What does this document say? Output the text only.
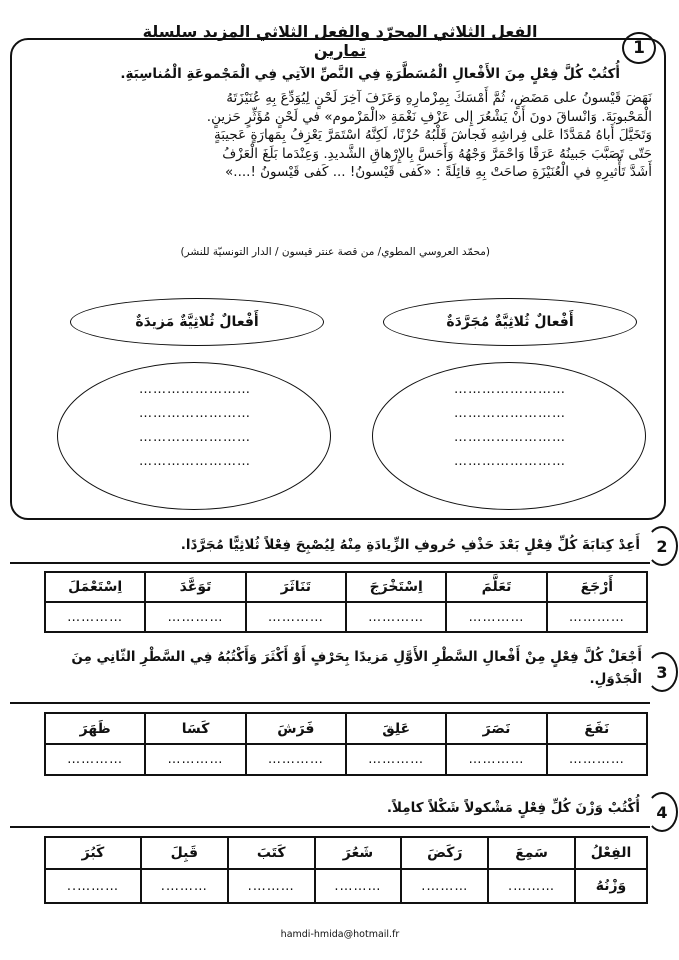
الفعل الثلاثي المجرّد والفعل الثلاثي المزيد سلسلة تمارين	1
أُكتُبْ كُلَّ فِعْلٍ مِنَ الأَفْعالِ الْمُسَطَّرَةِ فِي النَّصِّ الآتِي فِي الْمَجْموعَةِ الْمُناسِبَةِ.
نَهَضَ قَيْسونُ على مَضَضٍ، ثُمَّ أَمْسَكَ بِمِزْمارِهِ وَعَزَفَ آخِرَ لَحْنٍ لِيُوَدِّعَ بِهِ عُنَيْزَتَهُ
الْمَحْبوبَةَ. وَانْساقَ دونَ أَنْ يَشْعُرَ إِلى عَزْفِ نَغْمَةِ «الْمَزْموم» في لَحْنٍ مُؤَثِّرٍ حَزينٍ.
وَتَخَيَّلَ أَباهُ مُمَدَّدًا عَلى فِراشِهِ فَجاشَ قَلْبُهُ حُزْنًا، لَكِنَّهُ اسْتَمَرَّ يَعْزِفُ بِمَهارَةٍ عَجيبَةٍ
حَتّى تَصَبَّبَ جَبينُهُ عَرَقًا وَاحْمَرَّ وَجْهُهُ وَأَحَسَّ بِالإِرْهاقِ الشَّديدِ. وَعِنْدَما بَلَغَ الْعَزْفُ
أَشَدَّ تَأْثيرِهِ في الْعُنَيْزَةِ صاحَتْ بِهِ قائِلَةً : «كَفى قَيْسونُ! ... كَفى قَيْسونُ !....»
(محمّد العروسي المطوي/ من قصة عنتر قيسون / الدار التونسيّة للنشر)
أَفْعالٌ ثُلاثِيَّةٌ مُجَرَّدَةٌ
أَفْعالٌ ثُلاثِيَّةٌ مَزيدَةٌ
……………………
……………………
……………………
……………………
……………………
……………………
……………………
……………………
2
أَعِدْ كِتابَةَ كُلِّ فِعْلٍ بَعْدَ حَذْفِ حُروفِ الزِّيادَةِ مِنْهُ لِيُصْبِحَ فِعْلاً ثُلاثِيًّا مُجَرَّدًا.
أَرْجَعَ	تَعَلَّمَ	اِسْتَخْرَجَ	تَنَاثَرَ	تَوَعَّدَ	اِسْتَعْمَلَ
…………	…………	…………	…………	…………	…………
3
أَجْعَلْ كُلَّ فِعْلٍ مِنْ أَفْعالِ السَّطْرِ الأَوَّلِ مَزيدًا بِحَرْفٍ أَوْ أَكْثَرَ وَأَكْتُبُهُ فِي السَّطْرِ الثّانِي مِنَ الْجَدْوَلِ.
نَفَعَ	نَصَرَ	عَلِقَ	فَرَشَ	كَسَا	ظَهَرَ
…………	…………	…………	…………	…………	…………
4
أُكْتُبْ وَزْنَ كُلِّ فِعْلٍ مَشْكولاً شَكْلاً كامِلاً.
الفِعْلُ	سَمِعَ	رَكَضَ	شَعُرَ	كَتَبَ	قَبِلَ	كَبُرَ
وَزْنُهُ	……….	……….	……….	……….	……….	………..
hamdi-hmida@hotmail.fr
